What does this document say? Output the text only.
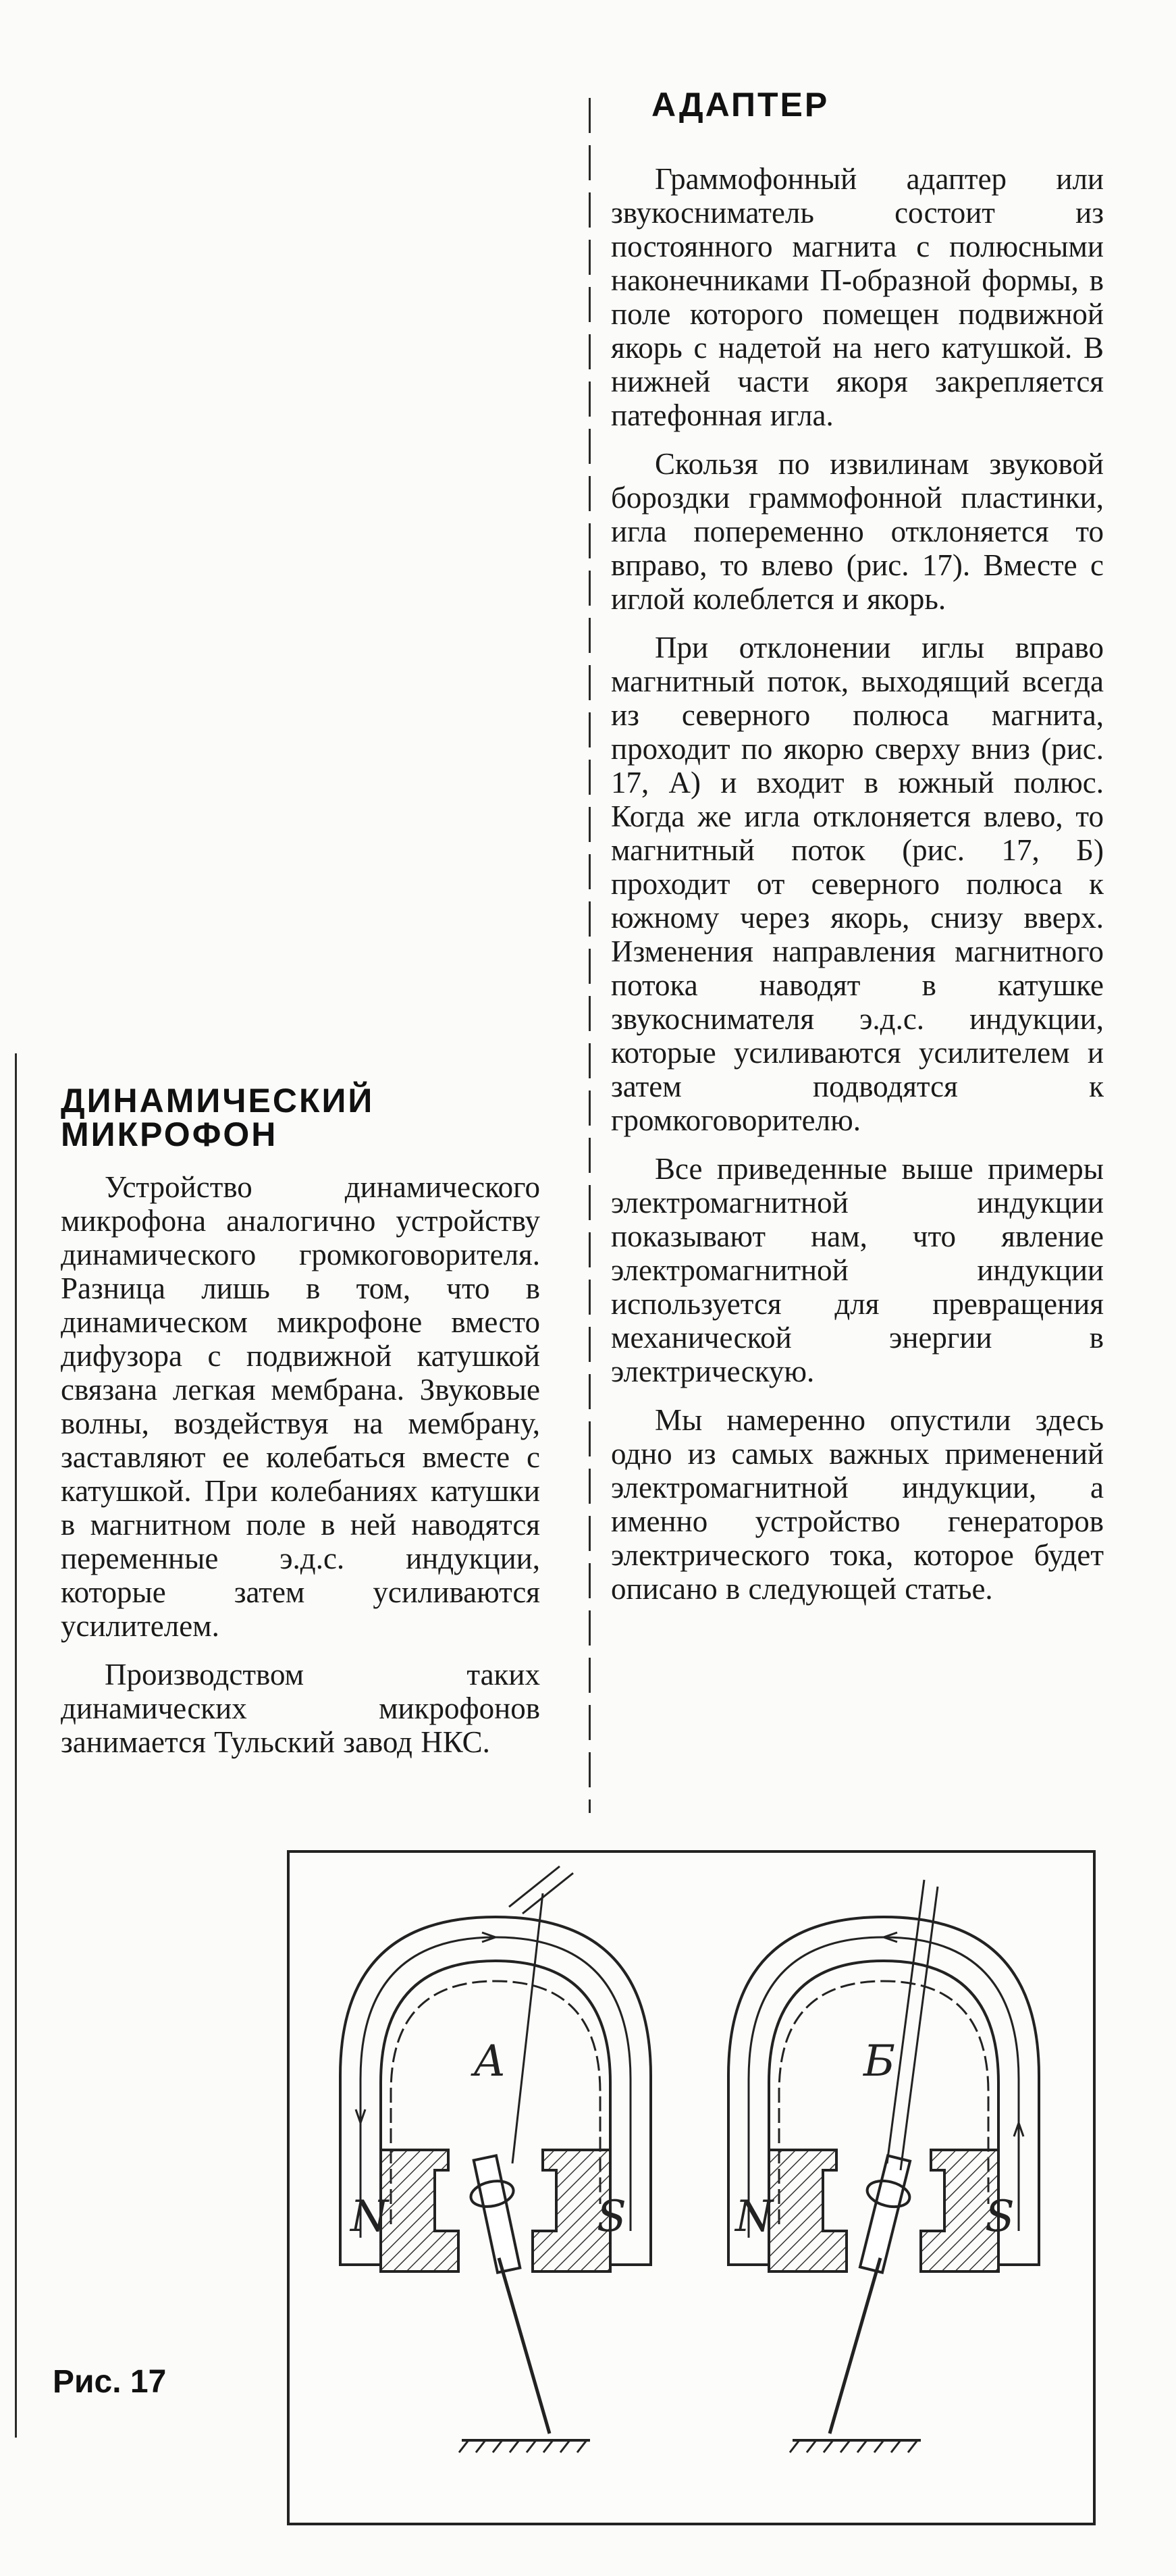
АДАПТЕР

Граммофонный адаптер или звукосниматель состоит из постоянного магнита с полюсными наконечниками П-образной формы, в поле которого помещен подвижной якорь с надетой на него катушкой. В нижней части якоря закрепляется патефонная игла.

Скользя по извилинам звуковой бороздки граммофонной пластинки, игла попеременно отклоняется то вправо, то влево (рис. 17). Вместе с иглой колеблется и якорь.

При отклонении иглы вправо магнитный поток, выходящий всегда из северного полюса магнита, проходит по якорю сверху вниз (рис. 17, А) и входит в южный полюс. Когда же игла отклоняется влево, то магнитный поток (рис. 17, Б) проходит от северного полюса к южному через якорь, снизу вверх. Изменения направления магнитного потока наводят в катушке звукоснимателя э.д.с. индукции, которые усиливаются усилителем и затем подводятся к громкоговорителю.

Все приведенные выше примеры электромагнитной индукции показывают нам, что явление электромагнитной индукции используется для превращения механической энергии в электрическую.

Мы намеренно опустили здесь одно из самых важных применений электромагнитной индукции, а именно устройство генераторов электрического тока, которое будет описано в следующей статье.

ДИНАМИЧЕСКИЙ
МИКРОФОН

Устройство динамического микрофона аналогично устройству динамического громкоговорителя. Разница лишь в том, что в динамическом микрофоне вместо дифузора с подвижной катушкой связана легкая мембрана. Звуковые волны, воздействуя на мембрану, заставляют ее колебаться вместе с катушкой. При колебаниях катушки в магнитном поле в ней наводятся переменные э.д.с. индукции, которые затем усиливаются усилителем.

Производством таких динамических микрофонов занимается Тульский завод НКС.

А
N	S
Б
N	S
Рис. 17
